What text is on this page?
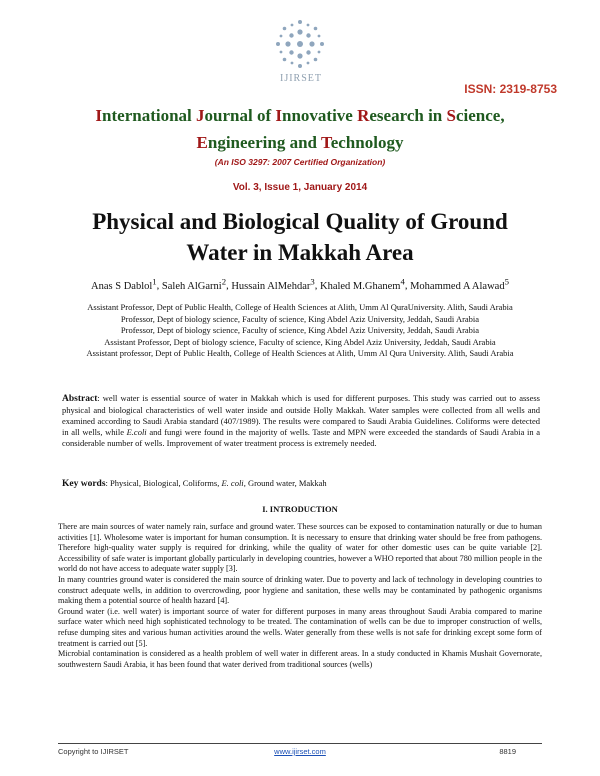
IJIRSET
ISSN: 2319-8753
International Journal of Innovative Research in Science,
Engineering and Technology
(An ISO 3297: 2007 Certified Organization)
Vol. 3, Issue 1, January 2014
Physical and Biological Quality of Ground
Water in Makkah Area
Anas S Dablol$^1$, Saleh AlGarni$^2$, Hussain AlMehdar$^3$, Khaled M.Ghanem$^4$, Mohammed A Alawad$^5$
Assistant Professor, Dept of Public Health, College of Health Sciences at Alith, Umm Al QuraUniversity. Alith, Saudi Arabia
Professor, Dept of biology science, Faculty of science, King Abdel Aziz University, Jeddah, Saudi Arabia
Professor, Dept of biology science, Faculty of science, King Abdel Aziz University, Jeddah, Saudi Arabia
Assistant Professor, Dept of biology science, Faculty of science, King Abdel Aziz University, Jeddah, Saudi Arabia
Assistant professor, Dept of Public Health, College of Health Sciences at Alith, Umm Al Qura University. Alith, Saudi Arabia
Abstract: well water is essential source of water in Makkah which is used for different purposes. This study was carried out to assess physical and biological characteristics of well water inside and outside Holly Makkah. Water samples were collected from all wells and examined according to Saudi Arabia standard (407/1989). The results were compared to Saudi Arabia Guidelines. Coliforms were detected in all wells, while E.coli and fungi were found in the majority of wells. Taste and MPN were exceeded the standards of Saudi Arabia in a considerable number of wells. Improvement of water treatment process is extremely needed.
Key words: Physical, Biological, Coliforms, E. coli, Ground water, Makkah
I. INTRODUCTION

There are main sources of water namely rain, surface and ground water. These sources can be exposed to contamination naturally or due to human activities [1]. Wholesome water is important for human consumption. It is necessary to ensure that drinking water should be free from pathogens. Therefore high-quality water supply is required for drinking, while the quality of water for other domestic uses can be quite variable [2]. Accessibility of safe water is important globally particularly in developing countries, however a WHO reported that about 780 million people in the world do not have access to adequate water supply [3].

In many countries ground water is considered the main source of drinking water. Due to poverty and lack of technology in developing countries to construct adequate wells, in addition to overcrowding, poor hygiene and sanitation, these wells may be contaminated by pathogenic organisms making them a potential source of health hazard [4].

Ground water (i.e. well water) is important source of water for different purposes in many areas throughout Saudi Arabia compared to marine surface water which need high sophisticated technology to be treated. The contamination of wells can be due to improper construction of wells, refuse dumping sites and various human activities around the wells. Water generally from these wells is not safe for drinking except some form of treatment is carried out [5].

Microbial contamination is considered as a health problem of well water in different areas. In a study conducted in Khamis Mushait Governorate, southwestern Saudi Arabia, it has been found that water derived from traditional sources (wells)

Copyright to IJIRSET	www.ijirset.com	8819
